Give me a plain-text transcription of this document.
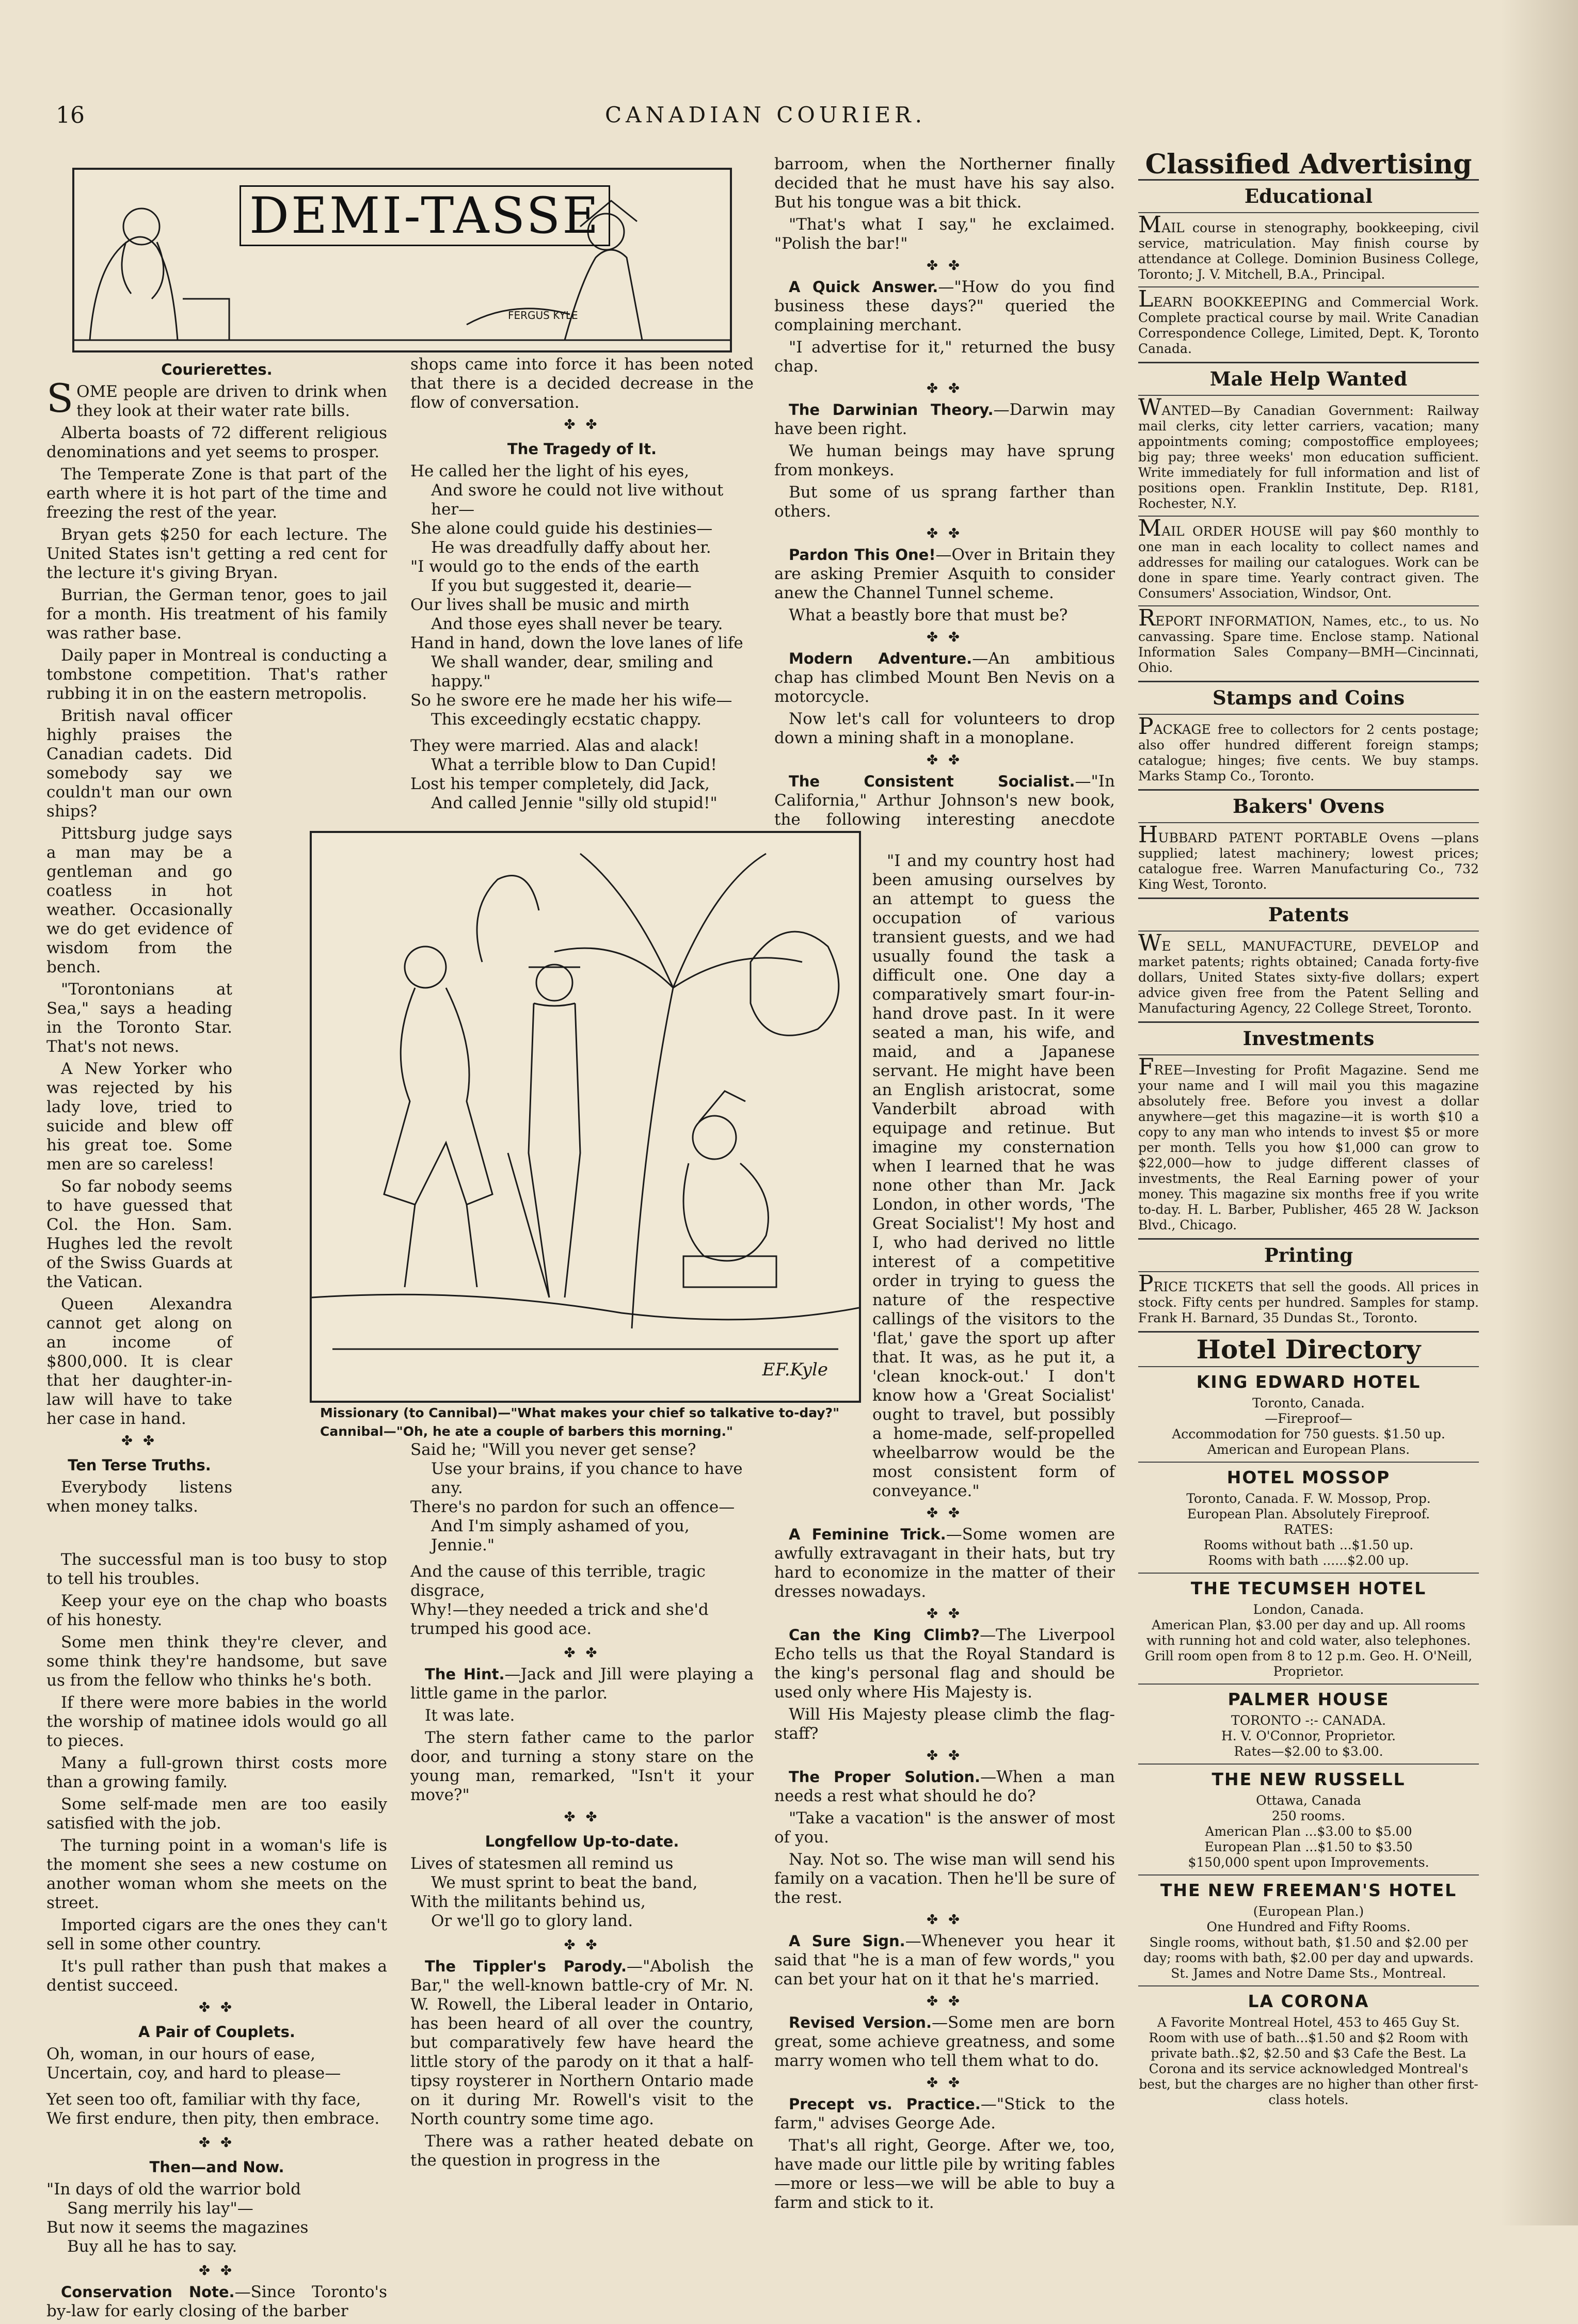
16	CANADIAN COURIER.

Courierettes.

SOME people are driven to drink when they look at their water rate bills.

Alberta boasts of 72 different religious denominations and yet seems to prosper.

The Temperate Zone is that part of the earth where it is hot part of the time and freezing the rest of the year.

Bryan gets $250 for each lecture. The United States isn't getting a red cent for the lecture it's giving Bryan.

Burrian, the German tenor, goes to jail for a month. His treatment of his family was rather base.

Daily paper in Montreal is conducting a tombstone competition. That's rather rubbing it in on the eastern metropolis.

British naval officer highly praises the Canadian cadets. Did somebody say we couldn't man our own ships?

Pittsburg judge says a man may be a gentleman and go coatless in hot weather. Occasionally we do get evidence of wisdom from the bench.

"Torontonians at Sea," says a heading in the Toronto Star. That's not news.

A New Yorker who was rejected by his lady love, tried to suicide and blew off his great toe. Some men are so careless!

So far nobody seems to have guessed that Col. the Hon. Sam. Hughes led the revolt of the Swiss Guards at the Vatican.

Queen Alexandra cannot get along on an income of $800,000. It is clear that her daughter-in-law will have to take her case in hand.

✤ ✤

Ten Terse Truths.

Everybody listens when money talks.

The successful man is too busy to stop to tell his troubles.

Keep your eye on the chap who boasts of his honesty.

Some men think they're clever, and some think they're handsome, but save us from the fellow who thinks he's both.

If there were more babies in the world the worship of matinee idols would go all to pieces.

Many a full-grown thirst costs more than a growing family.

Some self-made men are too easily satisfied with the job.

The turning point in a woman's life is the moment she sees a new costume on another woman whom she meets on the street.

Imported cigars are the ones they can't sell in some other country.

It's pull rather than push that makes a dentist succeed.

✤ ✤

A Pair of Couplets.

Oh, woman, in our hours of ease,
Uncertain, coy, and hard to please—
Yet seen too oft, familiar with thy face,
We first endure, then pity, then embrace.

✤ ✤

Then—and Now.

"In days of old the warrior bold
Sang merrily his lay"—
But now it seems the magazines
Buy all he has to say.

✤ ✤

Conservation Note.—Since Toronto's by-law for early closing of the barber

shops came into force it has been noted that there is a decided decrease in the flow of conversation.

✤ ✤

The Tragedy of It.

He called her the light of his eyes,
And swore he could not live without her—
She alone could guide his destinies—
He was dreadfully daffy about her.
"I would go to the ends of the earth
If you but suggested it, dearie—
Our lives shall be music and mirth
And those eyes shall never be teary.
Hand in hand, down the love lanes of life
We shall wander, dear, smiling and happy."
So he swore ere he made her his wife—
This exceedingly ecstatic chappy.
They were married. Alas and alack!
What a terrible blow to Dan Cupid!
Lost his temper completely, did Jack,
And called Jennie "silly old stupid!"
Said he; "Will you never get sense?
Use your brains, if you chance to have any.
There's no pardon for such an offence—
And I'm simply ashamed of you, Jennie."
And the cause of this terrible, tragic disgrace,
Why!—they needed a trick and she'd trumped his good ace.

✤ ✤

The Hint.—Jack and Jill were playing a little game in the parlor.

It was late.

The stern father came to the parlor door, and turning a stony stare on the young man, remarked, "Isn't it your move?"

✤ ✤

Longfellow Up-to-date.

Lives of statesmen all remind us
We must sprint to beat the band,
With the militants behind us,
Or we'll go to glory land.

✤ ✤

The Tippler's Parody.—"Abolish the Bar," the well-known battle-cry of Mr. N. W. Rowell, the Liberal leader in Ontario, has been heard of all over the country, but comparatively few have heard the little story of the parody on it that a half-tipsy roysterer in Northern Ontario made on it during Mr. Rowell's visit to the North country some time ago.

There was a rather heated debate on the question in progress in the

barroom, when the Northerner finally decided that he must have his say also. But his tongue was a bit thick.

"That's what I say," he exclaimed. "Polish the bar!"

✤ ✤

A Quick Answer.—"How do you find business these days?" queried the complaining merchant.

"I advertise for it," returned the busy chap.

✤ ✤

The Darwinian Theory.—Darwin may have been right.

We human beings may have sprung from monkeys.

But some of us sprang farther than others.

✤ ✤

Pardon This One!—Over in Britain they are asking Premier Asquith to consider anew the Channel Tunnel scheme.

What a beastly bore that must be?

✤ ✤

Modern Adventure.—An ambitious chap has climbed Mount Ben Nevis on a motorcycle.

Now let's call for volunteers to drop down a mining shaft in a monoplane.

✤ ✤

The Consistent Socialist.—"In California," Arthur Johnson's new book, the following interesting anecdote

"I and my country host had been amusing ourselves by an attempt to guess the occupation of various transient guests, and we had usually found the task a difficult one. One day a comparatively smart four-in-hand drove past. In it were seated a man, his wife, and maid, and a Japanese servant. He might have been an English aristocrat, some Vanderbilt abroad with equipage and retinue. But imagine my consternation when I learned that he was none other than Mr. Jack London, in other words, 'The Great Socialist'! My host and I, who had derived no little interest of a competitive order in trying to guess the nature of the respective callings of the visitors to the 'flat,' gave the sport up after that. It was, as he put it, a 'clean knock-out.' I don't know how a 'Great Socialist' ought to travel, but possibly a home-made, self-propelled wheelbarrow would be the most consistent form of conveyance."

✤ ✤

A Feminine Trick.—Some women are awfully extravagant in their hats, but try hard to economize in the matter of their dresses nowadays.

✤ ✤

Can the King Climb?—The Liverpool Echo tells us that the Royal Standard is the king's personal flag and should be used only where His Majesty is.

Will His Majesty please climb the flag-staff?

✤ ✤

The Proper Solution.—When a man needs a rest what should he do?

"Take a vacation" is the answer of most of you.

Nay. Not so. The wise man will send his family on a vacation. Then he'll be sure of the rest.

✤ ✤

A Sure Sign.—Whenever you hear it said that "he is a man of few words," you can bet your hat on it that he's married.

✤ ✤

Revised Version.—Some men are born great, some achieve greatness, and some marry women who tell them what to do.

✤ ✤

Precept vs. Practice.—"Stick to the farm," advises George Ade.

That's all right, George. After we, too, have made our little pile by writing fables—more or less—we will be able to buy a farm and stick to it.

Classified Advertising
Educational
MAIL course in stenography, bookkeeping, civil service, matriculation. May finish course by attendance at College. Dominion Business College, Toronto; J. V. Mitchell, B.A., Principal.
LEARN BOOKKEEPING and Commercial Work. Complete practical course by mail. Write Canadian Correspondence College, Limited, Dept. K, Toronto Canada.
Male Help Wanted
WANTED—By Canadian Government: Railway mail clerks, city letter carriers, vacation; many appointments coming; compostoffice employees; big pay; three weeks' mon education sufficient. Write immediately for full information and list of positions open. Franklin Institute, Dep. R181, Rochester, N.Y.
MAIL ORDER HOUSE will pay $60 monthly to one man in each locality to collect names and addresses for mailing our catalogues. Work can be done in spare time. Yearly contract given. The Consumers' Association, Windsor, Ont.
REPORT INFORMATION, Names, etc., to us. No canvassing. Spare time. Enclose stamp. National Information Sales Company—BMH—Cincinnati, Ohio.
Stamps and Coins
PACKAGE free to collectors for 2 cents postage; also offer hundred different foreign stamps; catalogue; hinges; five cents. We buy stamps. Marks Stamp Co., Toronto.
Bakers' Ovens
HUBBARD PATENT PORTABLE Ovens —plans supplied; latest machinery; lowest prices; catalogue free. Warren Manufacturing Co., 732 King West, Toronto.
Patents
WE SELL, MANUFACTURE, DEVELOP and market patents; rights obtained; Canada forty-five dollars, United States sixty-five dollars; expert advice given free from the Patent Selling and Manufacturing Agency, 22 College Street, Toronto.
Investments
FREE—Investing for Profit Magazine. Send me your name and I will mail you this magazine absolutely free. Before you invest a dollar anywhere—get this magazine—it is worth $10 a copy to any man who intends to invest $5 or more per month. Tells you how $1,000 can grow to $22,000—how to judge different classes of investments, the Real Earning power of your money. This magazine six months free if you write to-day. H. L. Barber, Publisher, 465 28 W. Jackson Blvd., Chicago.
Printing
PRICE TICKETS that sell the goods. All prices in stock. Fifty cents per hundred. Samples for stamp. Frank H. Barnard, 35 Dundas St., Toronto.
Hotel Directory
KING EDWARD HOTEL
Toronto, Canada.
—Fireproof—
Accommodation for 750 guests. $1.50 up.
American and European Plans.
HOTEL MOSSOP
Toronto, Canada. F. W. Mossop, Prop.
European Plan. Absolutely Fireproof.
RATES:
Rooms without bath ...$1.50 up.
Rooms with bath ......$2.00 up.
THE TECUMSEH HOTEL
London, Canada.
American Plan, $3.00 per day and up. All rooms with running hot and cold water, also telephones. Grill room open from 8 to 12 p.m. Geo. H. O'Neill, Proprietor.
PALMER HOUSE
TORONTO -:- CANADA.
H. V. O'Connor, Proprietor.
Rates—$2.00 to $3.00.
THE NEW RUSSELL
Ottawa, Canada
250 rooms.
American Plan ...$3.00 to $5.00
European Plan ...$1.50 to $3.50
$150,000 spent upon Improvements.
THE NEW FREEMAN'S HOTEL
(European Plan.)
One Hundred and Fifty Rooms.
Single rooms, without bath, $1.50 and $2.00 per day; rooms with bath, $2.00 per day and upwards.
St. James and Notre Dame Sts., Montreal.
LA CORONA
A Favorite Montreal Hotel, 453 to 465 Guy St. Room with use of bath...$1.50 and $2 Room with private bath..$2, $2.50 and $3 Cafe the Best. La Corona and its service acknowledged Montreal's best, but the charges are no higher than other first-class hotels.
DEMI-TASSE
FERGUS KYLE
EF.Kyle
Missionary (to Cannibal)—"What makes your chief so talkative to-day?"
Cannibal—"Oh, he ate a couple of barbers this morning."
